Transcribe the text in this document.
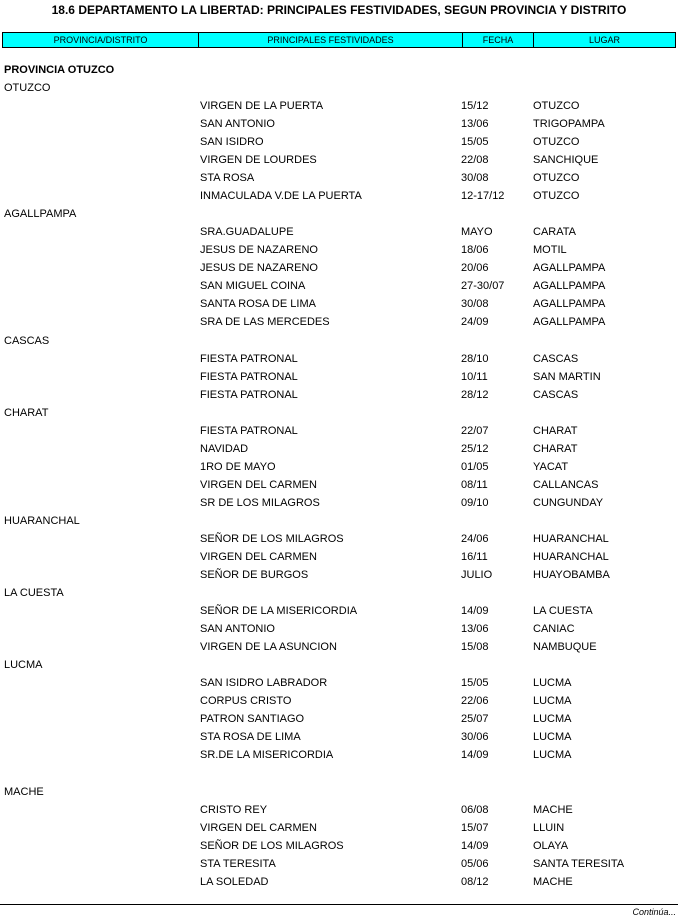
18.6 DEPARTAMENTO LA LIBERTAD: PRINCIPALES FESTIVIDADES, SEGUN PROVINCIA Y DISTRITO
PROVINCIA/DISTRITO	PRINCIPALES FESTIVIDADES	FECHA	LUGAR
PROVINCIA OTUZCO
OTUZCO
VIRGEN DE LA PUERTA	15/12	OTUZCO
SAN ANTONIO	13/06	TRIGOPAMPA
SAN ISIDRO	15/05	OTUZCO
VIRGEN DE LOURDES	22/08	SANCHIQUE
STA ROSA	30/08	OTUZCO
INMACULADA V.DE LA PUERTA	12-17/12	OTUZCO
AGALLPAMPA
SRA.GUADALUPE	MAYO	CARATA
JESUS DE NAZARENO	18/06	MOTIL
JESUS DE NAZARENO	20/06	AGALLPAMPA
SAN MIGUEL COINA	27-30/07	AGALLPAMPA
SANTA ROSA DE LIMA	30/08	AGALLPAMPA
SRA DE LAS MERCEDES	24/09	AGALLPAMPA
CASCAS
FIESTA PATRONAL	28/10	CASCAS
FIESTA PATRONAL	10/11	SAN MARTIN
FIESTA PATRONAL	28/12	CASCAS
CHARAT
FIESTA PATRONAL	22/07	CHARAT
NAVIDAD	25/12	CHARAT
1RO DE MAYO	01/05	YACAT
VIRGEN DEL CARMEN	08/11	CALLANCAS
SR DE LOS MILAGROS	09/10	CUNGUNDAY
HUARANCHAL
SEÑOR DE LOS MILAGROS	24/06	HUARANCHAL
VIRGEN DEL CARMEN	16/11	HUARANCHAL
SEÑOR DE BURGOS	JULIO	HUAYOBAMBA
LA CUESTA
SEÑOR DE LA MISERICORDIA	14/09	LA CUESTA
SAN ANTONIO	13/06	CANIAC
VIRGEN DE LA ASUNCION	15/08	NAMBUQUE
LUCMA
SAN ISIDRO LABRADOR	15/05	LUCMA
CORPUS CRISTO	22/06	LUCMA
PATRON SANTIAGO	25/07	LUCMA
STA ROSA DE LIMA	30/06	LUCMA
SR.DE LA MISERICORDIA	14/09	LUCMA
MACHE
CRISTO REY	06/08	MACHE
VIRGEN DEL CARMEN	15/07	LLUIN
SEÑOR DE LOS MILAGROS	14/09	OLAYA
STA TERESITA	05/06	SANTA TERESITA
LA SOLEDAD	08/12	MACHE
Continúa...
